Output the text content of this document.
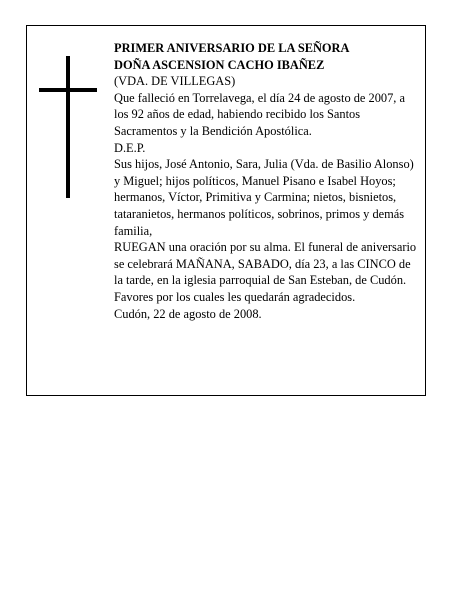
PRIMER ANIVERSARIO DE LA SEÑORA
DOÑA ASCENSION CACHO IBAÑEZ

(VDA. DE VILLEGAS)

Que falleció en Torrelavega, el día 24 de agosto de 2007, a los 92 años de edad, habiendo recibido los Santos Sacramentos y la Bendición Apostólica.

D.E.P.

Sus hijos, José Antonio, Sara, Julia (Vda. de Basilio Alonso) y Miguel; hijos políticos, Manuel Pisano e Isabel Hoyos; hermanos, Víctor, Primitiva y Carmina; nietos, bisnietos, tataranietos, hermanos políticos, sobrinos, primos y demás familia,

RUEGAN una oración por su alma. El funeral de aniversario se celebrará MAÑANA, SABADO, día 23, a las CINCO de la tarde, en la iglesia parroquial de San Esteban, de Cudón. Favores por los cuales les quedarán agradecidos.

Cudón, 22 de agosto de 2008.
